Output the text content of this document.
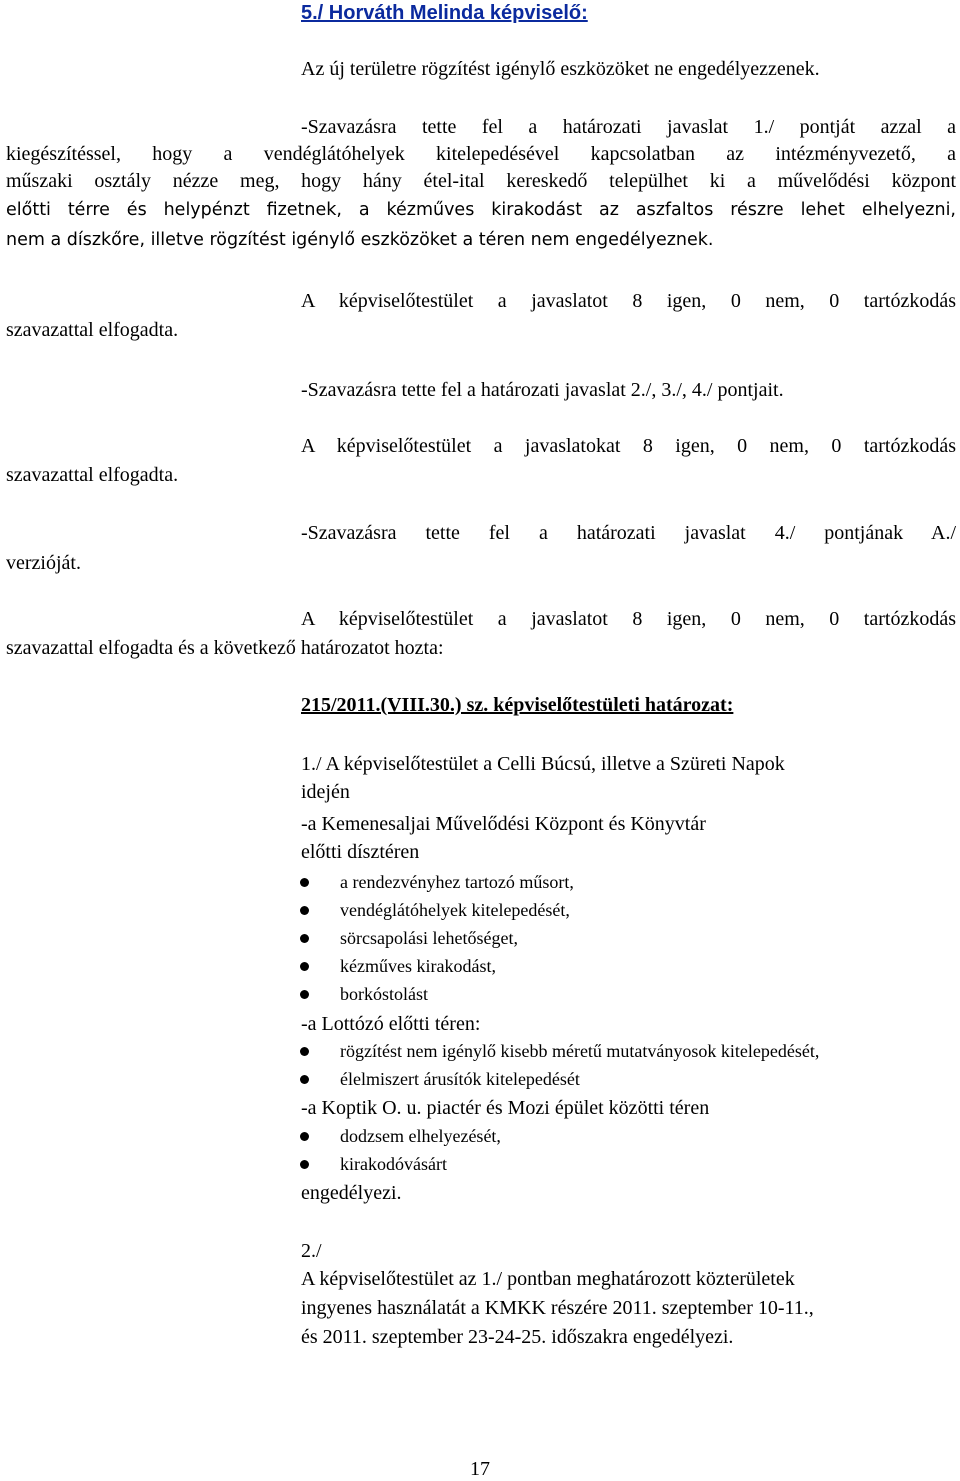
5./ Horváth Melinda képviselő:
Az új területre rögzítést igénylő eszközöket ne engedélyezzenek.
-Szavazásra tette fel a határozati javaslat 1./ pontját azzal a
kiegészítéssel, hogy a vendéglátóhelyek kitelepedésével kapcsolatban az intézményvezető, a
műszaki osztály nézze meg, hogy hány étel-ital kereskedő települhet ki a művelődési központ
előtti térre és helypénzt fizetnek, a kézműves kirakodást az aszfaltos részre lehet elhelyezni,
nem a díszkőre, illetve rögzítést igénylő eszközöket a téren nem engedélyeznek.
A képviselőtestület a javaslatot 8 igen, 0 nem, 0 tartózkodás
szavazattal elfogadta.
-Szavazásra tette fel a határozati javaslat 2./, 3./, 4./ pontjait.
A képviselőtestület a javaslatokat 8 igen, 0 nem, 0 tartózkodás
szavazattal elfogadta.
-Szavazásra tette fel a határozati javaslat 4./ pontjának A./
verzióját.
A képviselőtestület a javaslatot 8 igen, 0 nem, 0 tartózkodás
szavazattal elfogadta és a következő határozatot hozta:
215/2011.(VIII.30.) sz. képviselőtestületi határozat:
1./ A képviselőtestület a Celli Búcsú, illetve a Szüreti Napok
idején
-a Kemenesaljai Művelődési Központ és Könyvtár
előtti dísztéren
a rendezvényhez tartozó műsort,
vendéglátóhelyek kitelepedését,
sörcsapolási lehetőséget,
kézműves kirakodást,
borkóstolást
-a Lottózó előtti téren:
rögzítést nem igénylő kisebb méretű mutatványosok kitelepedését,
élelmiszert árusítók kitelepedését
-a Koptik O. u. piactér és Mozi épület közötti téren
dodzsem elhelyezését,
kirakodóvásárt
engedélyezi.
2./
A képviselőtestület az 1./ pontban meghatározott közterületek
ingyenes használatát a KMKK részére 2011. szeptember 10-11.,
és 2011. szeptember 23-24-25. időszakra engedélyezi.
17
